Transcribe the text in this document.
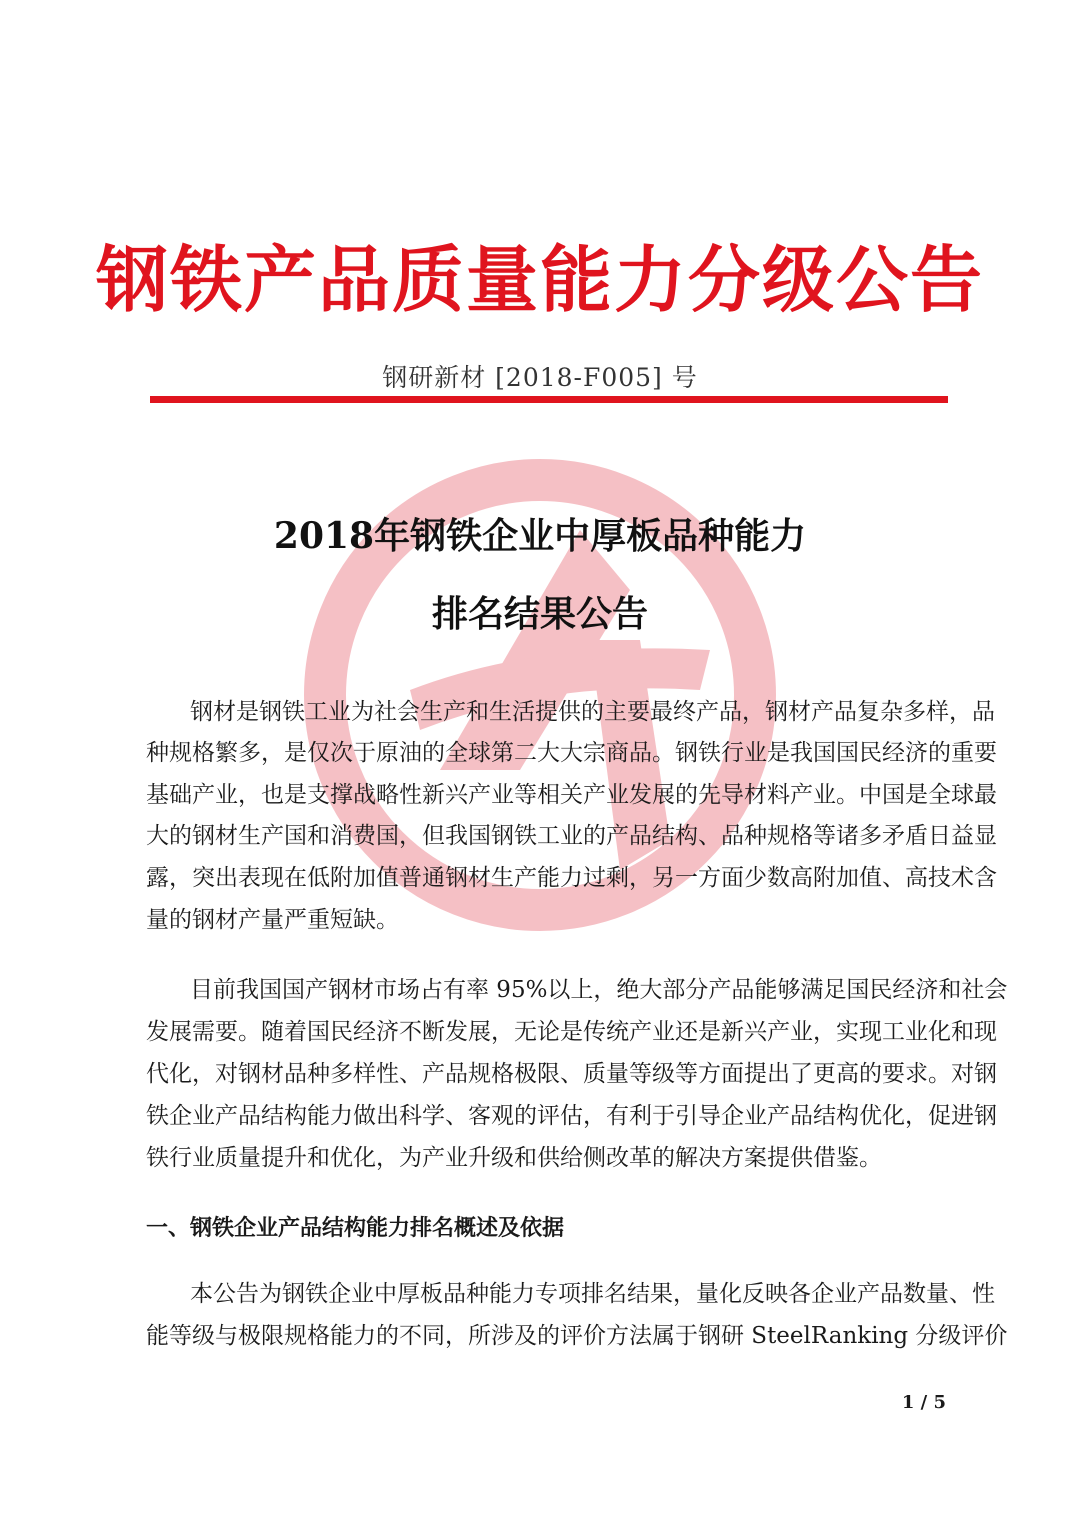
钢铁产品质量能力分级公告
钢研新材 [2018-F005] 号
2018年钢铁企业中厚板品种能力
排名结果公告
钢材是钢铁工业为社会生产和生活提供的主要最终产品，钢材产品复杂多样，品
种规格繁多，是仅次于原油的全球第二大大宗商品。钢铁行业是我国国民经济的重要
基础产业，也是支撑战略性新兴产业等相关产业发展的先导材料产业。中国是全球最
大的钢材生产国和消费国，但我国钢铁工业的产品结构、品种规格等诸多矛盾日益显
露，突出表现在低附加值普通钢材生产能力过剩，另一方面少数高附加值、高技术含
量的钢材产量严重短缺。
目前我国国产钢材市场占有率 95%以上，绝大部分产品能够满足国民经济和社会
发展需要。随着国民经济不断发展，无论是传统产业还是新兴产业，实现工业化和现
代化，对钢材品种多样性、产品规格极限、质量等级等方面提出了更高的要求。对钢
铁企业产品结构能力做出科学、客观的评估，有利于引导企业产品结构优化，促进钢
铁行业质量提升和优化，为产业升级和供给侧改革的解决方案提供借鉴。
一、钢铁企业产品结构能力排名概述及依据
本公告为钢铁企业中厚板品种能力专项排名结果，量化反映各企业产品数量、性
能等级与极限规格能力的不同，所涉及的评价方法属于钢研 SteelRanking 分级评价
1 / 5
